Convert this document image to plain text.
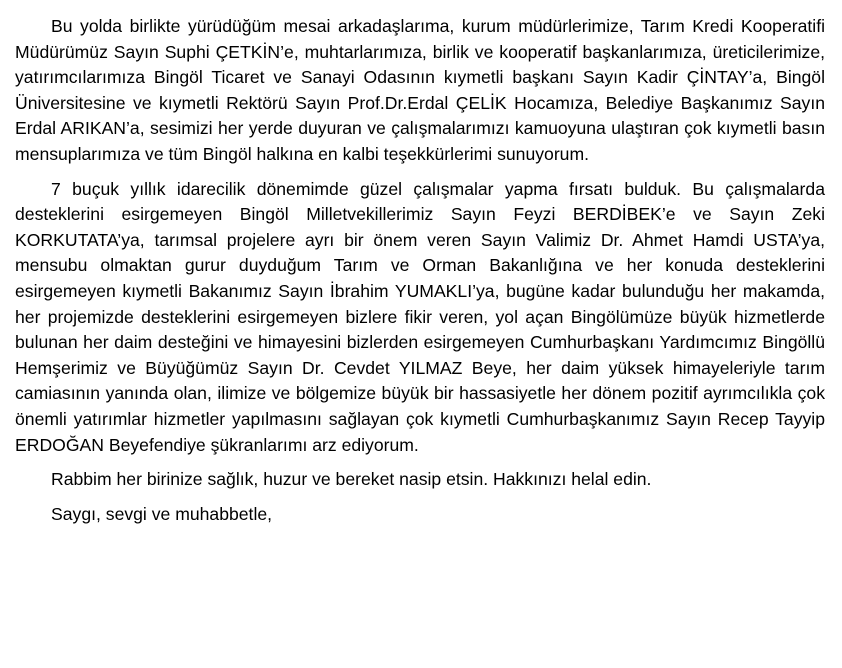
Bu yolda birlikte yürüdüğüm mesai arkadaşlarıma, kurum müdürlerimize, Tarım Kredi Kooperatifi Müdürümüz Sayın Suphi ÇETKİN’e, muhtarlarımıza, birlik ve kooperatif başkanlarımıza, üreticilerimize, yatırımcılarımıza Bingöl Ticaret ve Sanayi Odasının kıymetli başkanı Sayın Kadir ÇİNTAY’a, Bingöl Üniversitesine ve kıymetli Rektörü Sayın Prof.Dr.Erdal ÇELİK Hocamıza, Belediye Başkanımız Sayın Erdal ARIKAN’a, sesimizi her yerde duyuran ve çalışmalarımızı kamuoyuna ulaştıran çok kıymetli basın mensuplarımıza ve tüm Bingöl halkına en kalbi teşekkürlerimi sunuyorum.

7 buçuk yıllık idarecilik dönemimde güzel çalışmalar yapma fırsatı bulduk. Bu çalışmalarda desteklerini esirgemeyen Bingöl Milletvekillerimiz Sayın Feyzi BERDİBEK’e ve Sayın Zeki KORKUTATA’ya, tarımsal projelere ayrı bir önem veren Sayın Valimiz Dr. Ahmet Hamdi USTA’ya, mensubu olmaktan gurur duyduğum Tarım ve Orman Bakanlığına ve her konuda desteklerini esirgemeyen kıymetli Bakanımız Sayın İbrahim YUMAKLI’ya, bugüne kadar bulunduğu her makamda, her projemizde desteklerini esirgemeyen bizlere fikir veren, yol açan Bingölümüze büyük hizmetlerde bulunan her daim desteğini ve himayesini bizlerden esirgemeyen Cumhurbaşkanı Yardımcımız Bingöllü Hemşerimiz ve Büyüğümüz Sayın Dr. Cevdet YILMAZ Beye, her daim yüksek himayeleriyle tarım camiasının yanında olan, ilimize ve bölgemize büyük bir hassasiyetle her dönem pozitif ayrımcılıkla çok önemli yatırımlar hizmetler yapılmasını sağlayan çok kıymetli Cumhurbaşkanımız Sayın Recep Tayyip ERDOĞAN Beyefendiye şükranlarımı arz ediyorum.

Rabbim her birinize sağlık, huzur ve bereket nasip etsin. Hakkınızı helal edin.

Saygı, sevgi ve muhabbetle,
